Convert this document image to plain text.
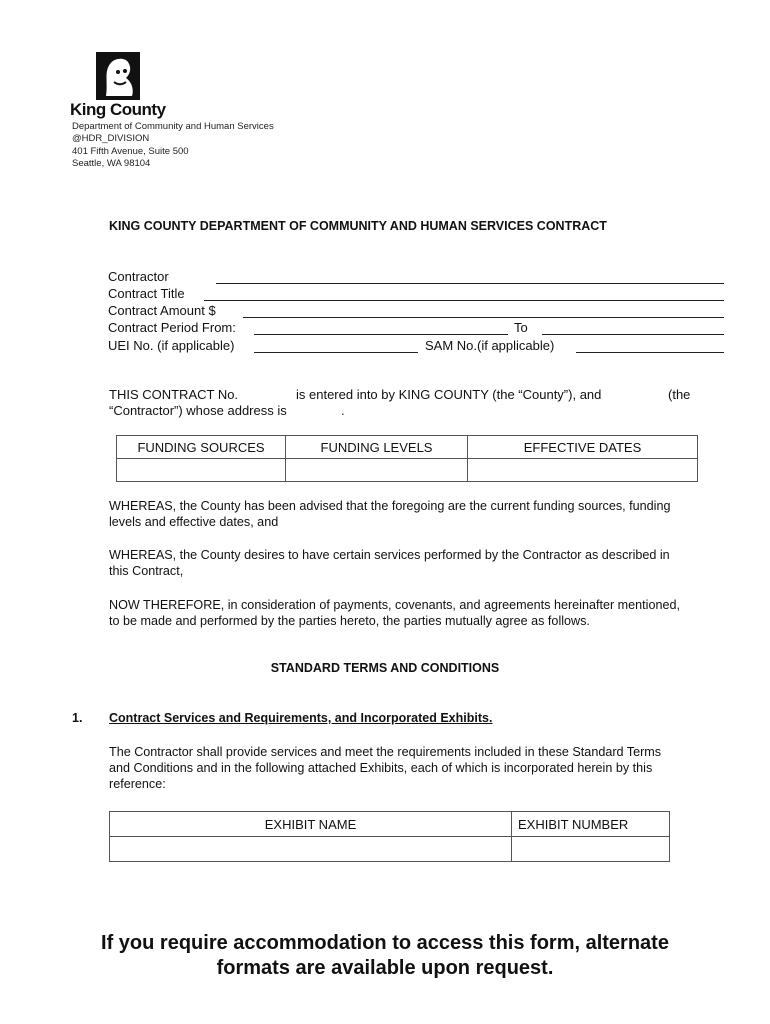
King County
Department of Community and Human Services
@HDR_DIVISION
401 Fifth Avenue, Suite 500
Seattle, WA 98104
KING COUNTY DEPARTMENT OF COMMUNITY AND HUMAN SERVICES CONTRACT
Contractor
Contract Title
Contract Amount $
Contract Period From:	To
UEI No. (if applicable)	SAM No.(if applicable)
THIS CONTRACT No.	is entered into by KING COUNTY (the “County”), and	(the
“Contractor”) whose address is	.
FUNDING SOURCES	FUNDING LEVELS	EFFECTIVE DATES

WHEREAS, the County has been advised that the foregoing are the current funding sources, funding levels and effective dates, and
WHEREAS, the County desires to have certain services performed by the Contractor as described in this Contract,
NOW THEREFORE, in consideration of payments, covenants, and agreements hereinafter mentioned, to be made and performed by the parties hereto, the parties mutually agree as follows.
STANDARD TERMS AND CONDITIONS
1. Contract Services and Requirements, and Incorporated Exhibits.
The Contractor shall provide services and meet the requirements included in these Standard Terms and Conditions and in the following attached Exhibits, each of which is incorporated herein by this reference:
EXHIBIT NAME	EXHIBIT NUMBER

If you require accommodation to access this form, alternate
formats are available upon request.
